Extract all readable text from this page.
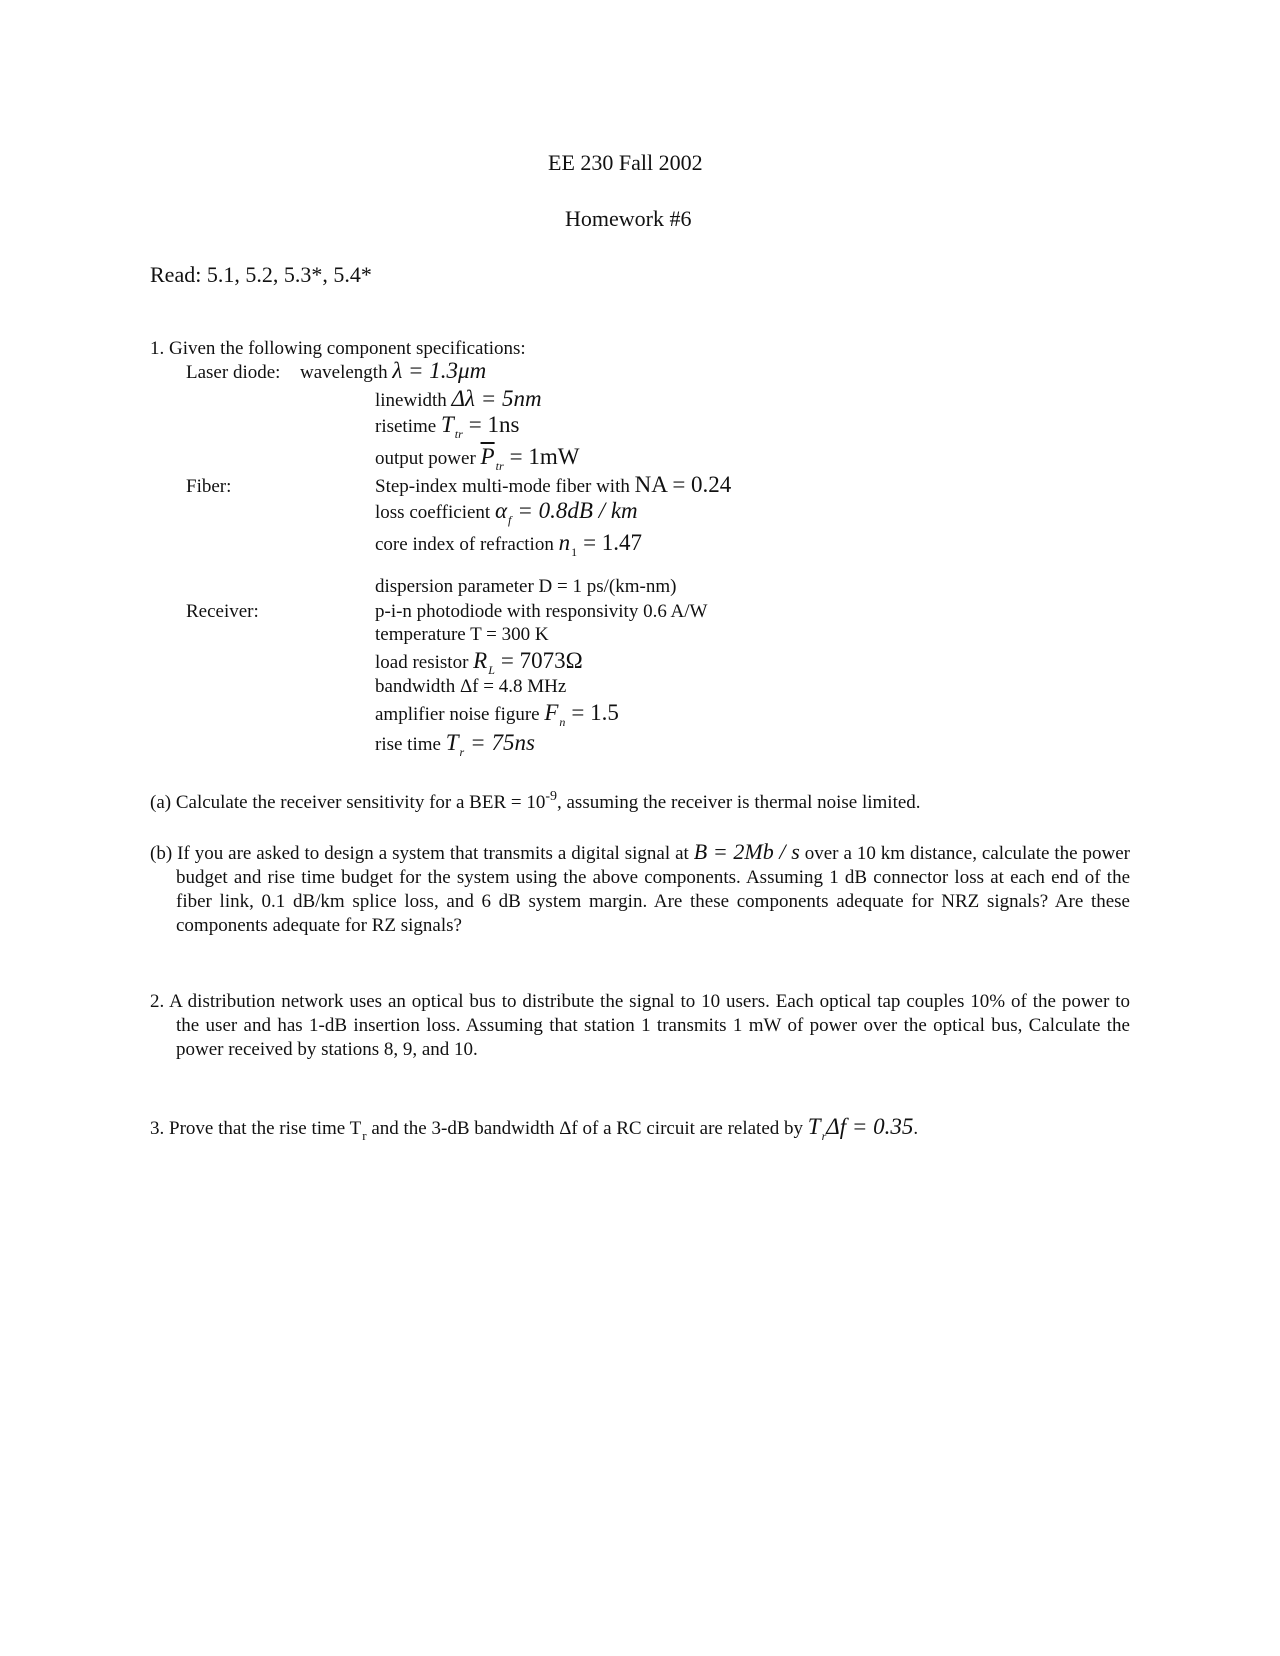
EE 230 Fall 2002
Homework #6
Read: 5.1, 5.2, 5.3*, 5.4*
1. Given the following component specifications:
Laser diode: wavelength λ = 1.3μm
linewidth Δλ = 5nm
risetime $T_{tr} = 1ns$
output power $\overline{P}_{tr} = 1mW$
Fiber:	Step-index multi-mode fiber with NA = 0.24
loss coefficient $\alpha_f = 0.8dB$ / km
core index of refraction $n_1 = 1.47$
dispersion parameter D = 1 ps/(km-nm)
Receiver:	p-i-n photodiode with responsivity 0.6 A/W
temperature T = 300 K
load resistor $R_L = 7073\Omega$
bandwidth Δf = 4.8 MHz
amplifier noise figure $F_n = 1.5$
rise time $T_r = 75ns$
(a) Calculate the receiver sensitivity for a BER = $10^{-9}$, assuming the receiver is thermal noise limited.
(b) If you are asked to design a system that transmits a digital signal at B = 2Mb / s over a 10 km distance, calculate the power budget and rise time budget for the system using the above components. Assuming 1 dB connector loss at each end of the fiber link, 0.1 dB/km splice loss, and 6 dB system margin. Are these components adequate for NRZ signals? Are these components adequate for RZ signals?
2. A distribution network uses an optical bus to distribute the signal to 10 users. Each optical tap couples 10% of the power to the user and has 1-dB insertion loss. Assuming that station 1 transmits 1 mW of power over the optical bus, Calculate the power received by stations 8, 9, and 10.
3. Prove that the rise time $T_r$ and the 3-dB bandwidth Δf of a RC circuit are related by $T_r\Delta f = 0.35$.
